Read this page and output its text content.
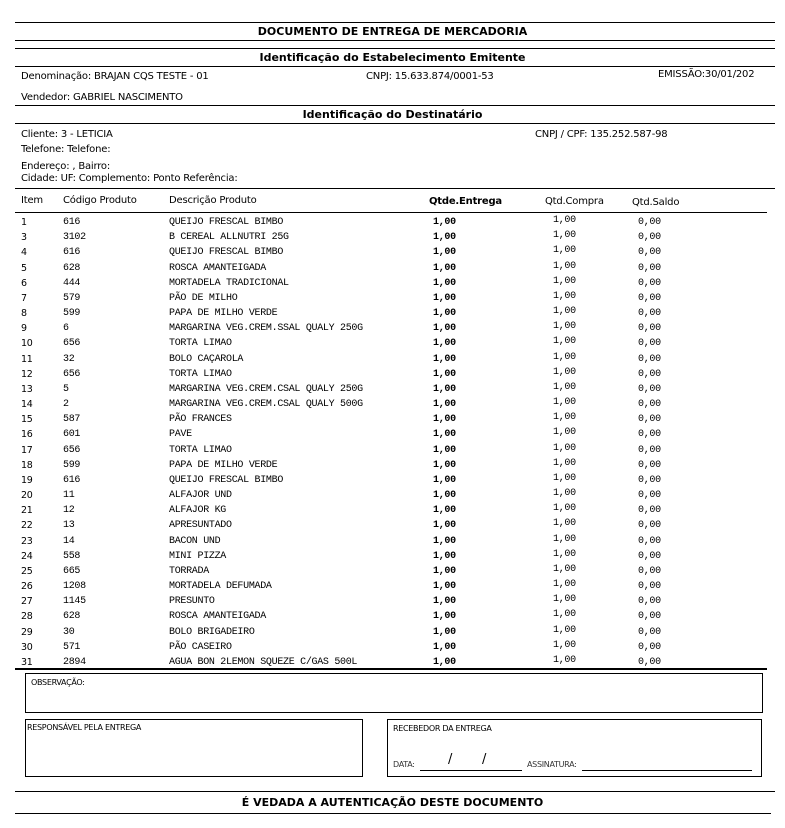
DOCUMENTO DE ENTREGA DE MERCADORIA
Identificação do Estabelecimento Emitente
Denominação: BRAJAN CQS TESTE - 01	CNPJ: 15.633.874/0001-53	EMISSÃO:30/01/202
Vendedor: GABRIEL NASCIMENTO
Identificação do Destinatário
Cliente: 3 - LETICIA	CNPJ / CPF: 135.252.587-98
Telefone: Telefone:
Endereço: , Bairro:
Cidade: UF: Complemento: Ponto Referência:
Item Código Produto	Descrição Produto	Qtde.Entrega	Qtd.Compra	Qtd.Saldo
1	616	QUEIJO FRESCAL BIMBO	1,00	1,00	0,00
3	3102	B CEREAL ALLNUTRI 25G	1,00	1,00	0,00
4	616	QUEIJO FRESCAL BIMBO	1,00	1,00	0,00
5	628	ROSCA AMANTEIGADA	1,00	1,00	0,00
6	444	MORTADELA TRADICIONAL	1,00	1,00	0,00
7	579	PÃO DE MILHO	1,00	1,00	0,00
8	599	PAPA DE MILHO VERDE	1,00	1,00	0,00
9	6	MARGARINA VEG.CREM.SSAL QUALY 250G	1,00	1,00	0,00
10	656	TORTA LIMAO	1,00	1,00	0,00
11	32	BOLO CAÇAROLA	1,00	1,00	0,00
12	656	TORTA LIMAO	1,00	1,00	0,00
13	5	MARGARINA VEG.CREM.CSAL QUALY 250G	1,00	1,00	0,00
14	2	MARGARINA VEG.CREM.CSAL QUALY 500G	1,00	1,00	0,00
15	587	PÃO FRANCES	1,00	1,00	0,00
16	601	PAVE	1,00	1,00	0,00
17	656	TORTA LIMAO	1,00	1,00	0,00
18	599	PAPA DE MILHO VERDE	1,00	1,00	0,00
19	616	QUEIJO FRESCAL BIMBO	1,00	1,00	0,00
20	11	ALFAJOR UND	1,00	1,00	0,00
21	12	ALFAJOR KG	1,00	1,00	0,00
22	13	APRESUNTADO	1,00	1,00	0,00
23	14	BACON UND	1,00	1,00	0,00
24	558	MINI PIZZA	1,00	1,00	0,00
25	665	TORRADA	1,00	1,00	0,00
26	1208	MORTADELA DEFUMADA	1,00	1,00	0,00
27	1145	PRESUNTO	1,00	1,00	0,00
28	628	ROSCA AMANTEIGADA	1,00	1,00	0,00
29	30	BOLO BRIGADEIRO	1,00	1,00	0,00
30	571	PÃO CASEIRO	1,00	1,00	0,00
31	2894	AGUA BON 2LEMON SQUEZE C/GAS 500L	1,00	1,00	0,00
OBSERVAÇÃO:
RESPONSÁVEL PELA ENTREGA	RECEBEDOR DA ENTREGA
DATA:	/ /	ASSINATURA:
É VEDADA A AUTENTICAÇÃO DESTE DOCUMENTO
